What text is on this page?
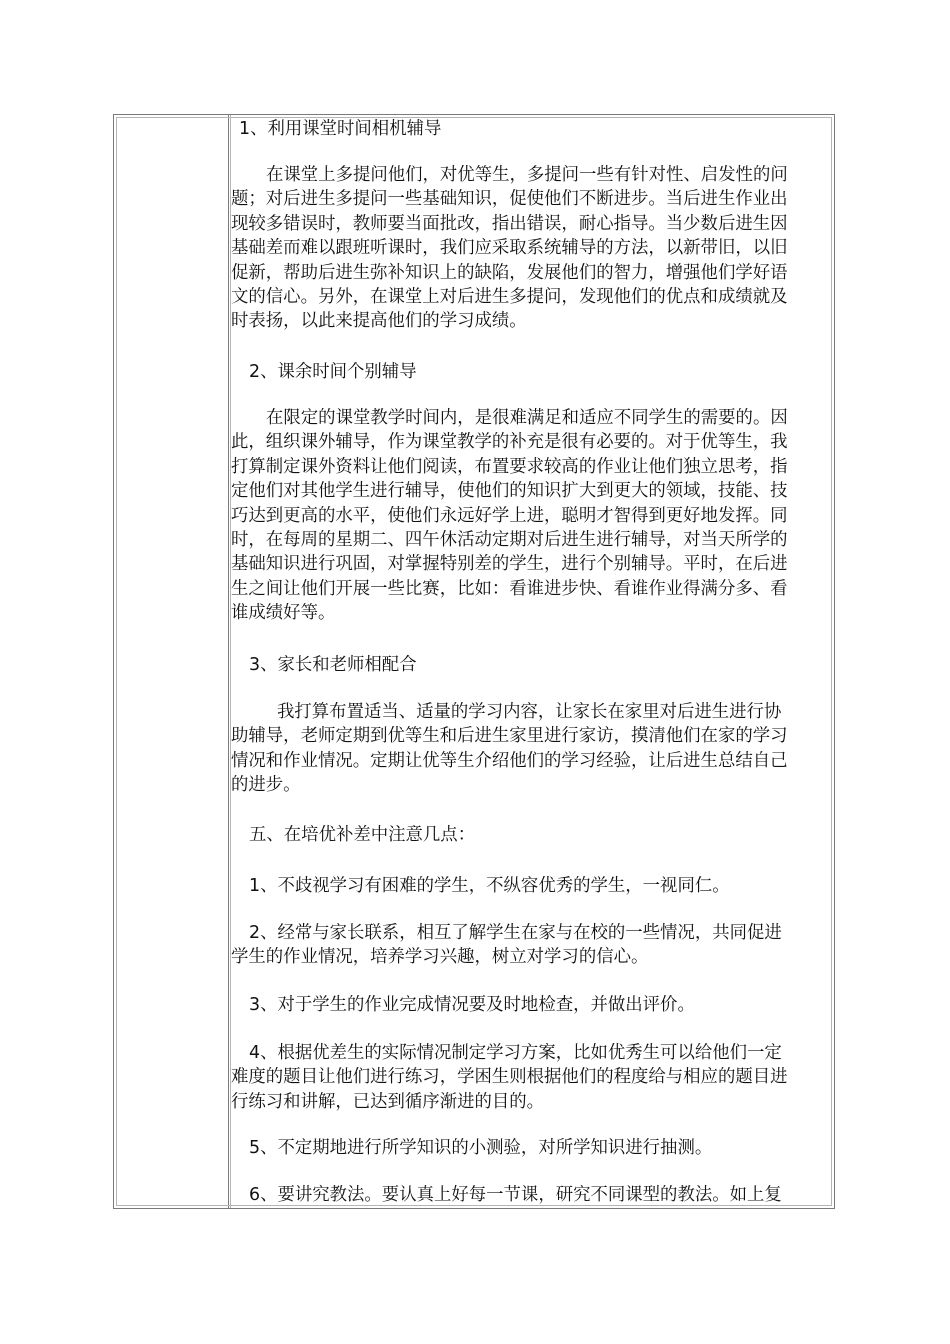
1、利用课堂时间相机辅导
在课堂上多提问他们，对优等生，多提问一些有针对性、启发性的问
题；对后进生多提问一些基础知识，促使他们不断进步。当后进生作业出
现较多错误时，教师要当面批改，指出错误，耐心指导。当少数后进生因
基础差而难以跟班听课时，我们应采取系统辅导的方法，以新带旧，以旧
促新，帮助后进生弥补知识上的缺陷，发展他们的智力，增强他们学好语
文的信心。另外，在课堂上对后进生多提问，发现他们的优点和成绩就及
时表扬，以此来提高他们的学习成绩。
2、课余时间个别辅导
在限定的课堂教学时间内，是很难满足和适应不同学生的需要的。因
此，组织课外辅导，作为课堂教学的补充是很有必要的。对于优等生，我
打算制定课外资料让他们阅读，布置要求较高的作业让他们独立思考，指
定他们对其他学生进行辅导，使他们的知识扩大到更大的领域，技能、技
巧达到更高的水平，使他们永远好学上进，聪明才智得到更好地发挥。同
时，在每周的星期二、四午休活动定期对后进生进行辅导，对当天所学的
基础知识进行巩固，对掌握特别差的学生，进行个别辅导。平时，在后进
生之间让他们开展一些比赛，比如：看谁进步快、看谁作业得满分多、看
谁成绩好等。
3、家长和老师相配合
我打算布置适当、适量的学习内容，让家长在家里对后进生进行协
助辅导，老师定期到优等生和后进生家里进行家访，摸清他们在家的学习
情况和作业情况。定期让优等生介绍他们的学习经验，让后进生总结自己
的进步。
五、在培优补差中注意几点：
1、不歧视学习有困难的学生，不纵容优秀的学生，一视同仁。
2、经常与家长联系，相互了解学生在家与在校的一些情况，共同促进
学生的作业情况，培养学习兴趣，树立对学习的信心。
3、对于学生的作业完成情况要及时地检查，并做出评价。
4、根据优差生的实际情况制定学习方案，比如优秀生可以给他们一定
难度的题目让他们进行练习，学困生则根据他们的程度给与相应的题目进
行练习和讲解，已达到循序渐进的目的。
5、不定期地进行所学知识的小测验，对所学知识进行抽测。
6、要讲究教法。要认真上好每一节课，研究不同课型的教法。如上复
